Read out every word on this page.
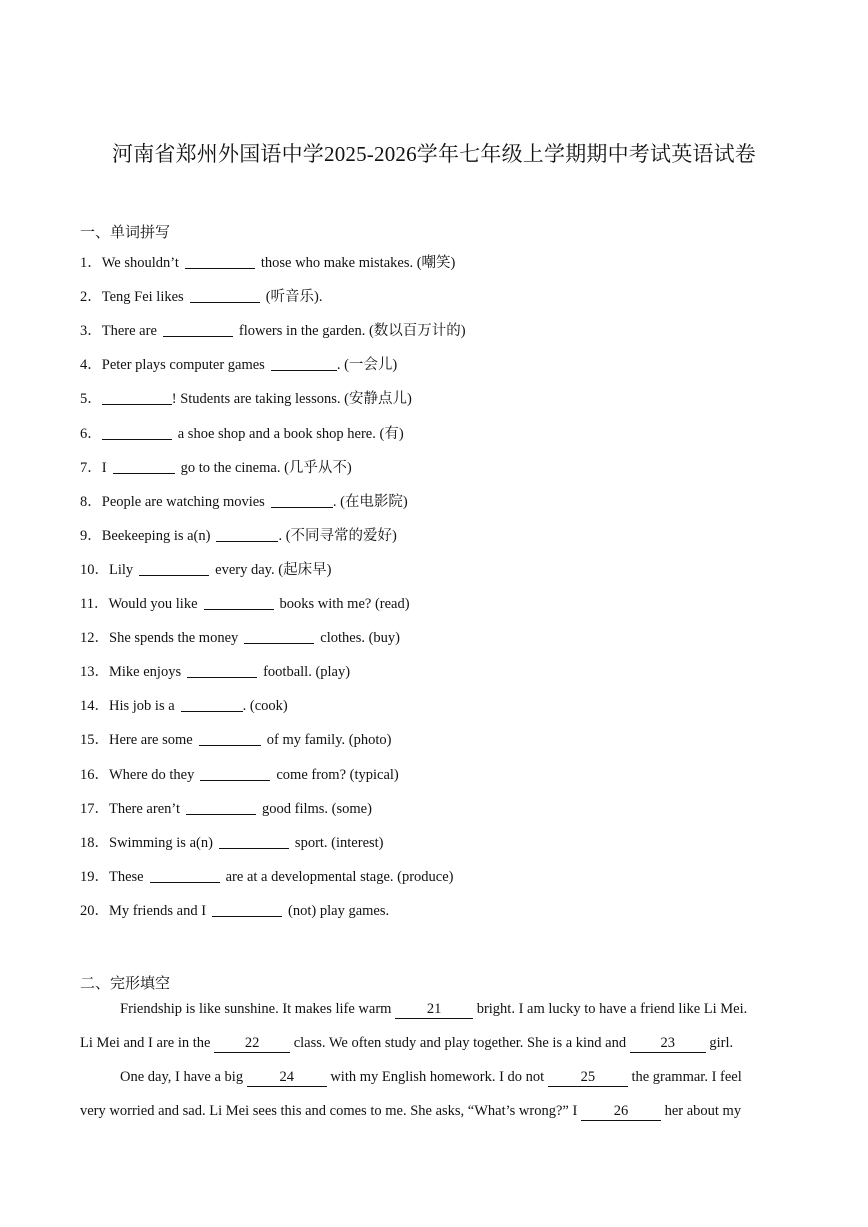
河南省郑州外国语中学2025-2026学年七年级上学期期中考试英语试卷
一、单词拼写
1．We shouldn’t	those who make mistakes. (嘲笑)
2．Teng Fei likes	(听音乐).
3．There are	flowers in the garden. (数以百万计的)
4．Peter plays computer games	. (一会儿)
5．	! Students are taking lessons. (安静点儿)
6．	a shoe shop and a book shop here. (有)
7．I	go to the cinema. (几乎从不)
8．People are watching movies	. (在电影院)
9．Beekeeping is a(n)	. (不同寻常的爱好)
10．Lily	every day. (起床早)
11．Would you like	books with me? (read)
12．She spends the money	clothes. (buy)
13．Mike enjoys	football. (play)
14．His job is a	. (cook)
15．Here are some	of my family. (photo)
16．Where do they	come from? (typical)
17．There aren’t	good films. (some)
18．Swimming is a(n)	sport. (interest)
19．These	are at a developmental stage. (produce)
20．My friends and I	(not) play games.
二、完形填空
Friendship is like sunshine. It makes life warm 21 bright. I am lucky to have a friend like Li Mei.
Li Mei and I are in the 22 class. We often study and play together. She is a kind and 23 girl.
One day, I have a big	24	with my English homework. I do not	25	the grammar. I feel
very worried and sad. Li Mei sees this and comes to me. She asks, “What’s wrong?” I	26	her about my
